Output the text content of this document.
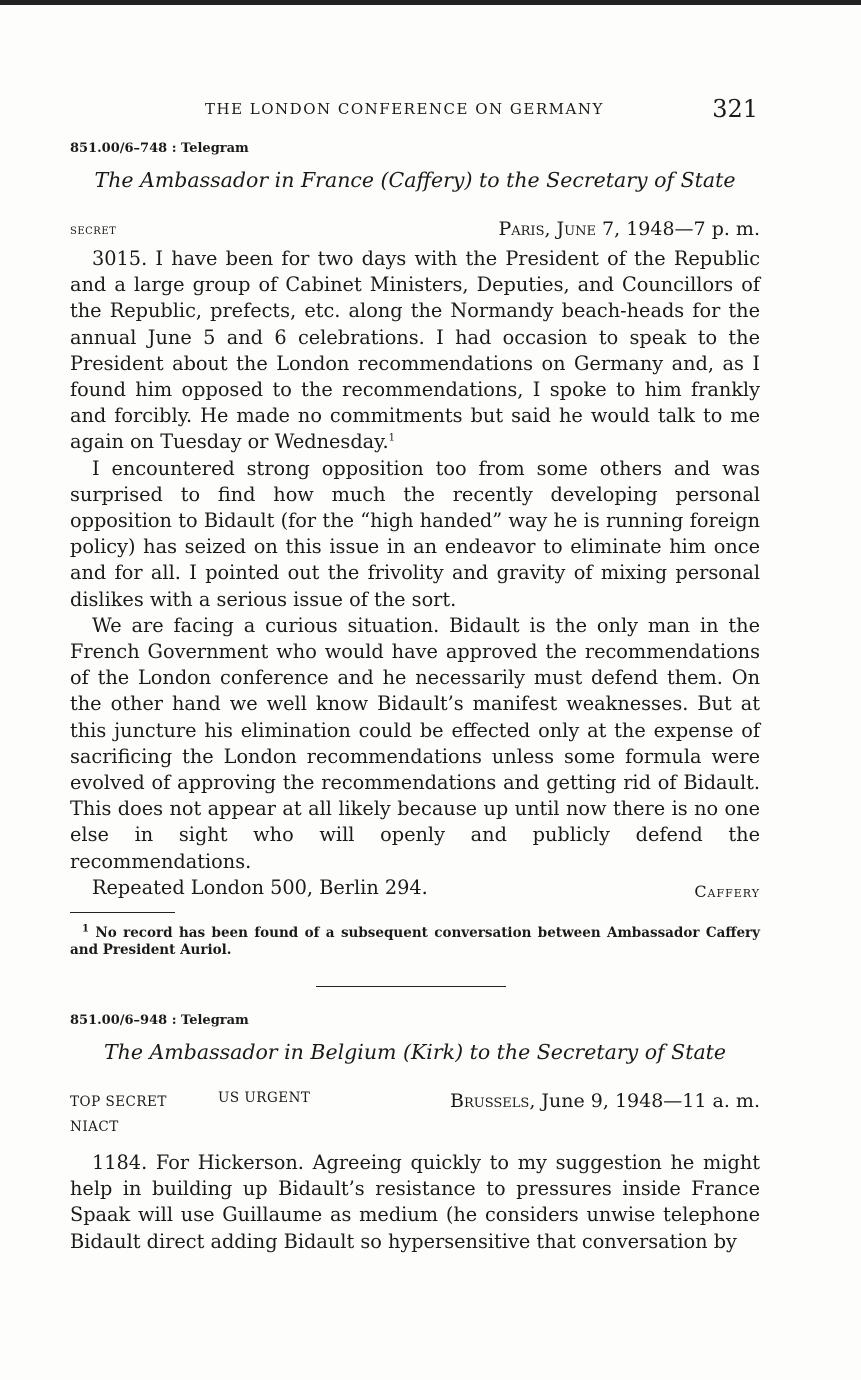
THE LONDON CONFERENCE ON GERMANY	321
851.00/6–748 : Telegram
The Ambassador in France (Caffery) to the Secretary of State
secret	Paris, June 7, 1948—7 p. m.

3015. I have been for two days with the President of the Republic and a large group of Cabinet Ministers, Deputies, and Councillors of the Republic, prefects, etc. along the Normandy beach-heads for the annual June 5 and 6 celebrations. I had occasion to speak to the President about the London recommendations on Germany and, as I found him opposed to the recommendations, I spoke to him frankly and forcibly. He made no commitments but said he would talk to me again on Tuesday or Wednesday.$^1$

I encountered strong opposition too from some others and was surprised to find how much the recently developing personal opposition to Bidault (for the “high handed” way he is running foreign policy) has seized on this issue in an endeavor to eliminate him once and for all. I pointed out the frivolity and gravity of mixing personal dislikes with a serious issue of the sort.

We are facing a curious situation. Bidault is the only man in the French Government who would have approved the recommendations of the London conference and he necessarily must defend them. On the other hand we well know Bidault’s manifest weaknesses. But at this juncture his elimination could be effected only at the expense of sacrificing the London recommendations unless some formula were evolved of approving the recommendations and getting rid of Bidault. This does not appear at all likely because up until now there is no one else in sight who will openly and publicly defend the recommendations.

Repeated London 500, Berlin 294.	Caffery

$^1$ No record has been found of a subsequent conversation between Ambassador Caffery and President Auriol.

851.00/6–948 : Telegram
The Ambassador in Belgium (Kirk) to the Secretary of State
TOP SECRET	US URGENT	Brussels, June 9, 1948—11 a. m.
NIACT

1184. For Hickerson. Agreeing quickly to my suggestion he might help in building up Bidault’s resistance to pressures inside France Spaak will use Guillaume as medium (he considers unwise telephone Bidault direct adding Bidault so hypersensitive that conversation by
